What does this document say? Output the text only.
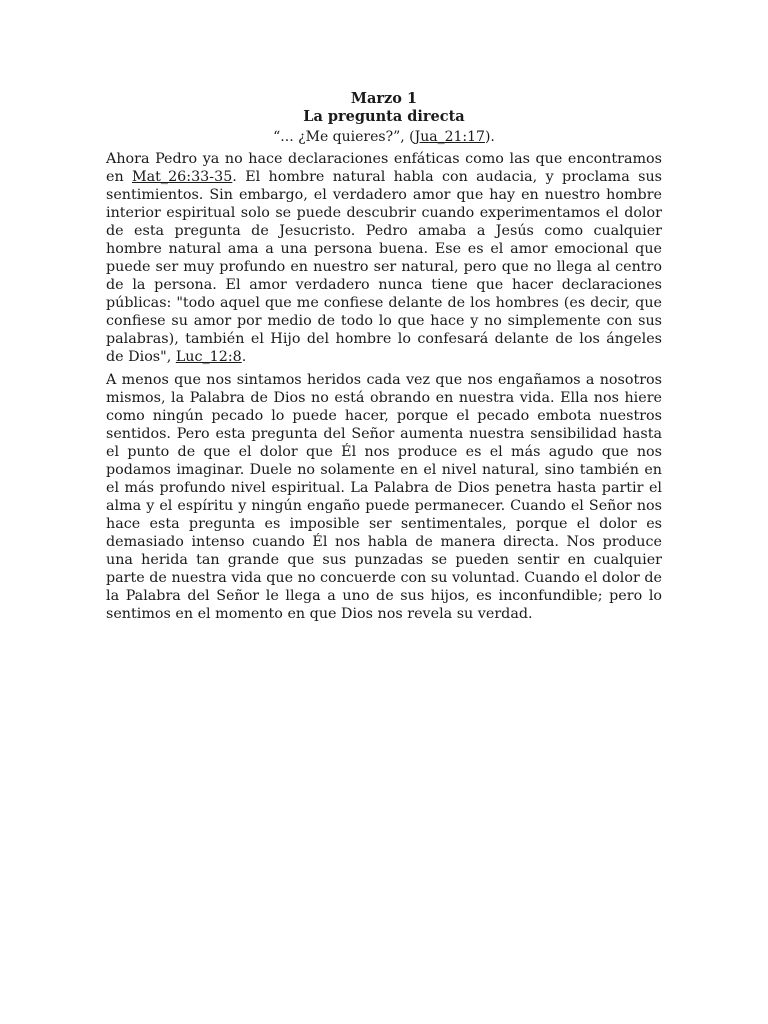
Marzo 1
La pregunta directa

“... ¿Me quieres?”, (Jua_21:17).

Ahora Pedro ya no hace declaraciones enfáticas como las que encontramos en Mat_26:33-35. El hombre natural habla con audacia, y proclama sus sentimientos. Sin embargo, el verdadero amor que hay en nuestro hombre interior espiritual solo se puede descubrir cuando experimentamos el dolor de esta pregunta de Jesucristo. Pedro amaba a Jesús como cualquier hombre natural ama a una persona buena. Ese es el amor emocional que puede ser muy profundo en nuestro ser natural, pero que no llega al centro de la persona. El amor verdadero nunca tiene que hacer declaraciones públicas: "todo aquel que me confiese delante de los hombres (es decir, que confiese su amor por medio de todo lo que hace y no simplemente con sus palabras), también el Hijo del hombre lo confesará delante de los ángeles de Dios", Luc_12:8.

A menos que nos sintamos heridos cada vez que nos engañamos a nosotros mismos, la Palabra de Dios no está obrando en nuestra vida. Ella nos hiere como ningún pecado lo puede hacer, porque el pecado embota nuestros sentidos. Pero esta pregunta del Señor aumenta nuestra sensibilidad hasta el punto de que el dolor que Él nos produce es el más agudo que nos podamos imaginar. Duele no solamente en el nivel natural, sino también en el más profundo nivel espiritual. La Palabra de Dios penetra hasta partir el alma y el espíritu y ningún engaño puede permanecer. Cuando el Señor nos hace esta pregunta es imposible ser sentimentales, porque el dolor es demasiado intenso cuando Él nos habla de manera directa. Nos produce una herida tan grande que sus punzadas se pueden sentir en cualquier parte de nuestra vida que no concuerde con su voluntad. Cuando el dolor de la Palabra del Señor le llega a uno de sus hijos, es inconfundible; pero lo sentimos en el momento en que Dios nos revela su verdad.
